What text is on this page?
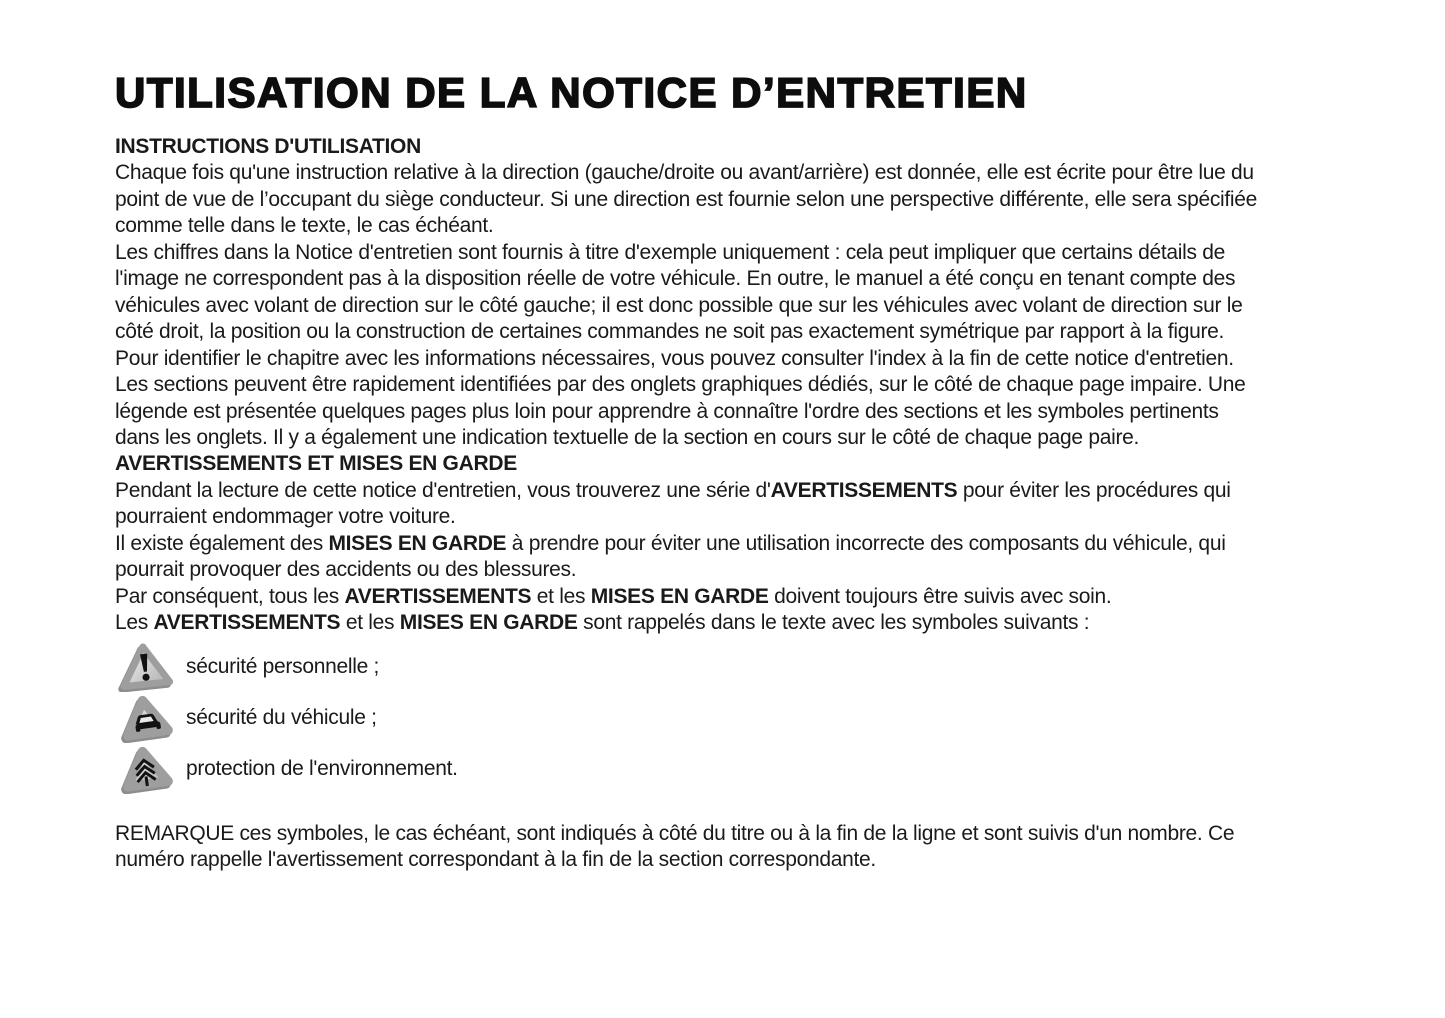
UTILISATION DE LA NOTICE D’ENTRETIEN

INSTRUCTIONS D'UTILISATION

Chaque fois qu'une instruction relative à la direction (gauche/droite ou avant/arrière) est donnée, elle est écrite pour être lue du

point de vue de l’occupant du siège conducteur. Si une direction est fournie selon une perspective différente, elle sera spécifiée

comme telle dans le texte, le cas échéant.

Les chiffres dans la Notice d'entretien sont fournis à titre d'exemple uniquement : cela peut impliquer que certains détails de

l'image ne correspondent pas à la disposition réelle de votre véhicule. En outre, le manuel a été conçu en tenant compte des

véhicules avec volant de direction sur le côté gauche; il est donc possible que sur les véhicules avec volant de direction sur le

côté droit, la position ou la construction de certaines commandes ne soit pas exactement symétrique par rapport à la figure.

Pour identifier le chapitre avec les informations nécessaires, vous pouvez consulter l'index à la fin de cette notice d'entretien.

Les sections peuvent être rapidement identifiées par des onglets graphiques dédiés, sur le côté de chaque page impaire. Une

légende est présentée quelques pages plus loin pour apprendre à connaître l'ordre des sections et les symboles pertinents

dans les onglets. Il y a également une indication textuelle de la section en cours sur le côté de chaque page paire.

AVERTISSEMENTS ET MISES EN GARDE

Pendant la lecture de cette notice d'entretien, vous trouverez une série d'AVERTISSEMENTS pour éviter les procédures qui

pourraient endommager votre voiture.

Il existe également des MISES EN GARDE à prendre pour éviter une utilisation incorrecte des composants du véhicule, qui

pourrait provoquer des accidents ou des blessures.

Par conséquent, tous les AVERTISSEMENTS et les MISES EN GARDE doivent toujours être suivis avec soin.

Les AVERTISSEMENTS et les MISES EN GARDE sont rappelés dans le texte avec les symboles suivants :

sécurité personnelle ;
sécurité du véhicule ;
protection de l'environnement.

REMARQUE ces symboles, le cas échéant, sont indiqués à côté du titre ou à la fin de la ligne et sont suivis d'un nombre. Ce

numéro rappelle l'avertissement correspondant à la fin de la section correspondante.
